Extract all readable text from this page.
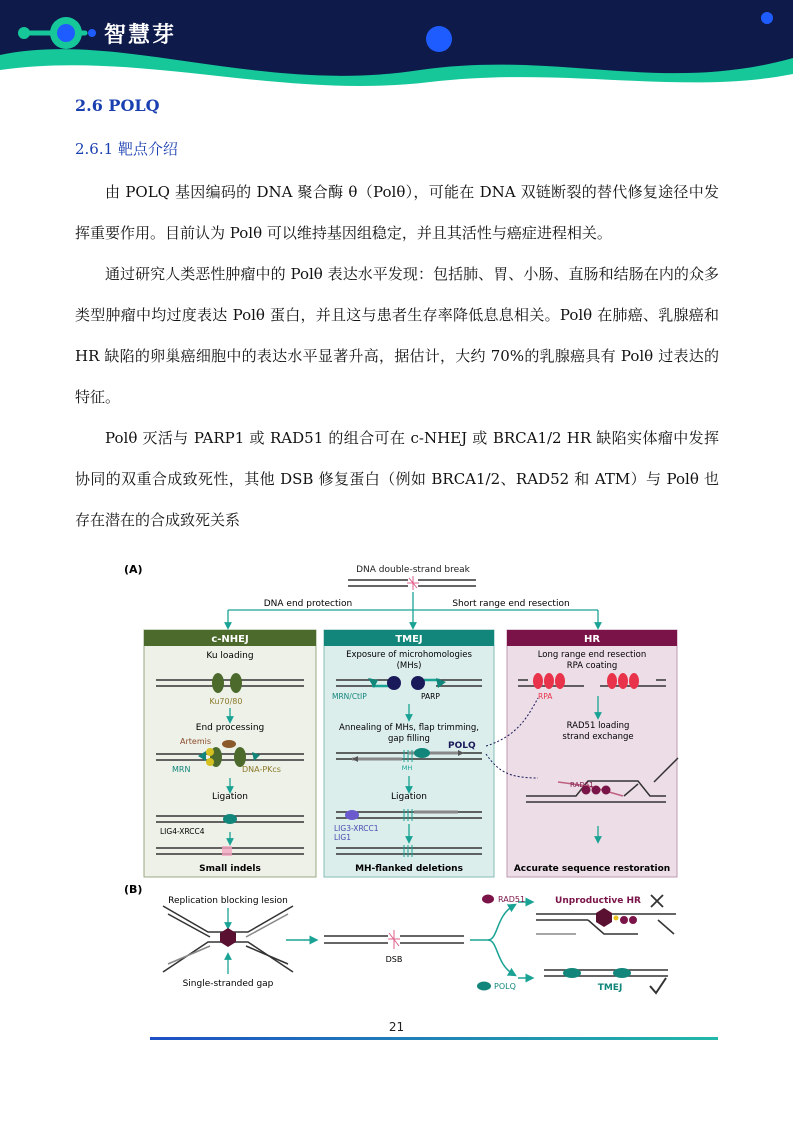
智慧芽
2.6 POLQ
2.6.1 靶点介绍

由 POLQ 基因编码的 DNA 聚合酶 θ（Polθ），可能在 DNA 双链断裂的替代修复途径中发挥重要作用。目前认为 Polθ 可以维持基因组稳定，并且其活性与癌症进程相关。

通过研究人类恶性肿瘤中的 Polθ 表达水平发现：包括肺、胃、小肠、直肠和结肠在内的众多类型肿瘤中均过度表达 Polθ 蛋白，并且这与患者生存率降低息息相关。Polθ 在肺癌、乳腺癌和 HR 缺陷的卵巢癌细胞中的表达水平显著升高，据估计，大约 70%的乳腺癌具有 Polθ 过表达的特征。

Polθ 灭活与 PARP1 或 RAD51 的组合可在 c-NHEJ 或 BRCA1/2 HR 缺陷实体瘤中发挥协同的双重合成致死性，其他 DSB 修复蛋白（例如 BRCA1/2、RAD52 和 ATM）与 Polθ 也存在潜在的合成致死关系

(A)	DNA double-strand break
DNA end protection	Short range end resection
c-NHEJ
Ku loading
Ku70/80
End processing
Artemis
MRN	DNA-PKcs
Ligation
LIG4-XRCC4
Small indels
TMEJ
Exposure of microhomologies
(MHs)
MRN/CtIP	PARP
Annealing of MHs, flap trimming,
gap filling
POLQ
MH
Ligation
LIG3-XRCC1
LIG1
MH-flanked deletions
HR
Long range end resection
RPA coating
RPA
RAD51 loading
strand exchange
RAD51
Accurate sequence restoration
(B)
Replication blocking lesion
Single-stranded gap
DSB
RAD51
POLQ
Unproductive HR
TMEJ
21
